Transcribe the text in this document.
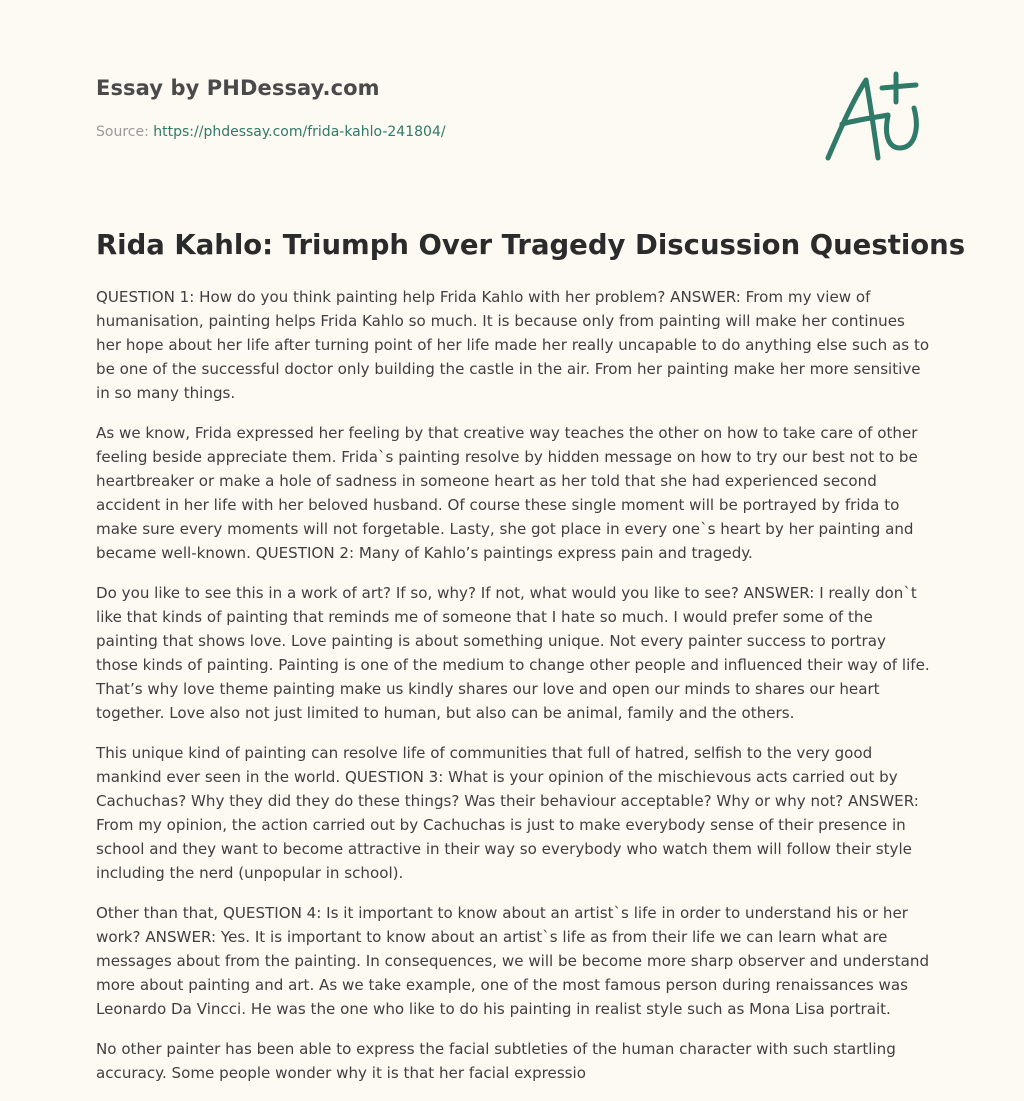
Essay by PHDessay.com
Source: https://phdessay.com/frida-kahlo-241804/
Rida Kahlo: Triumph Over Tragedy Discussion Questions

QUESTION 1: How do you think painting help Frida Kahlo with her problem? ANSWER: From my view of humanisation, painting helps Frida Kahlo so much. It is because only from painting will make her continues her hope about her life after turning point of her life made her really uncapable to do anything else such as to be one of the successful doctor only building the castle in the air. From her painting make her more sensitive in so many things.

As we know, Frida expressed her feeling by that creative way teaches the other on how to take care of other feeling beside appreciate them. Frida`s painting resolve by hidden message on how to try our best not to be heartbreaker or make a hole of sadness in someone heart as her told that she had experienced second accident in her life with her beloved husband. Of course these single moment will be portrayed by frida to make sure every moments will not forgetable. Lasty, she got place in every one`s heart by her painting and became well-known. QUESTION 2: Many of Kahlo’s paintings express pain and tragedy.

Do you like to see this in a work of art? If so, why? If not, what would you like to see? ANSWER: I really don`t like that kinds of painting that reminds me of someone that I hate so much. I would prefer some of the painting that shows love. Love painting is about something unique. Not every painter success to portray those kinds of painting. Painting is one of the medium to change other people and influenced their way of life. That’s why love theme painting make us kindly shares our love and open our minds to shares our heart together. Love also not just limited to human, but also can be animal, family and the others.

This unique kind of painting can resolve life of communities that full of hatred, selfish to the very good mankind ever seen in the world. QUESTION 3: What is your opinion of the mischievous acts carried out by Cachuchas? Why they did they do these things? Was their behaviour acceptable? Why or why not? ANSWER: From my opinion, the action carried out by Cachuchas is just to make everybody sense of their presence in school and they want to become attractive in their way so everybody who watch them will follow their style including the nerd (unpopular in school).

Other than that, QUESTION 4: Is it important to know about an artist`s life in order to understand his or her work? ANSWER: Yes. It is important to know about an artist`s life as from their life we can learn what are messages about from the painting. In consequences, we will be become more sharp observer and understand more about painting and art. As we take example, one of the most famous person during renaissances was Leonardo Da Vincci. He was the one who like to do his painting in realist style such as Mona Lisa portrait.

No other painter has been able to express the facial subtleties of the human character with such startling accuracy. Some people wonder why it is that her facial expressio
